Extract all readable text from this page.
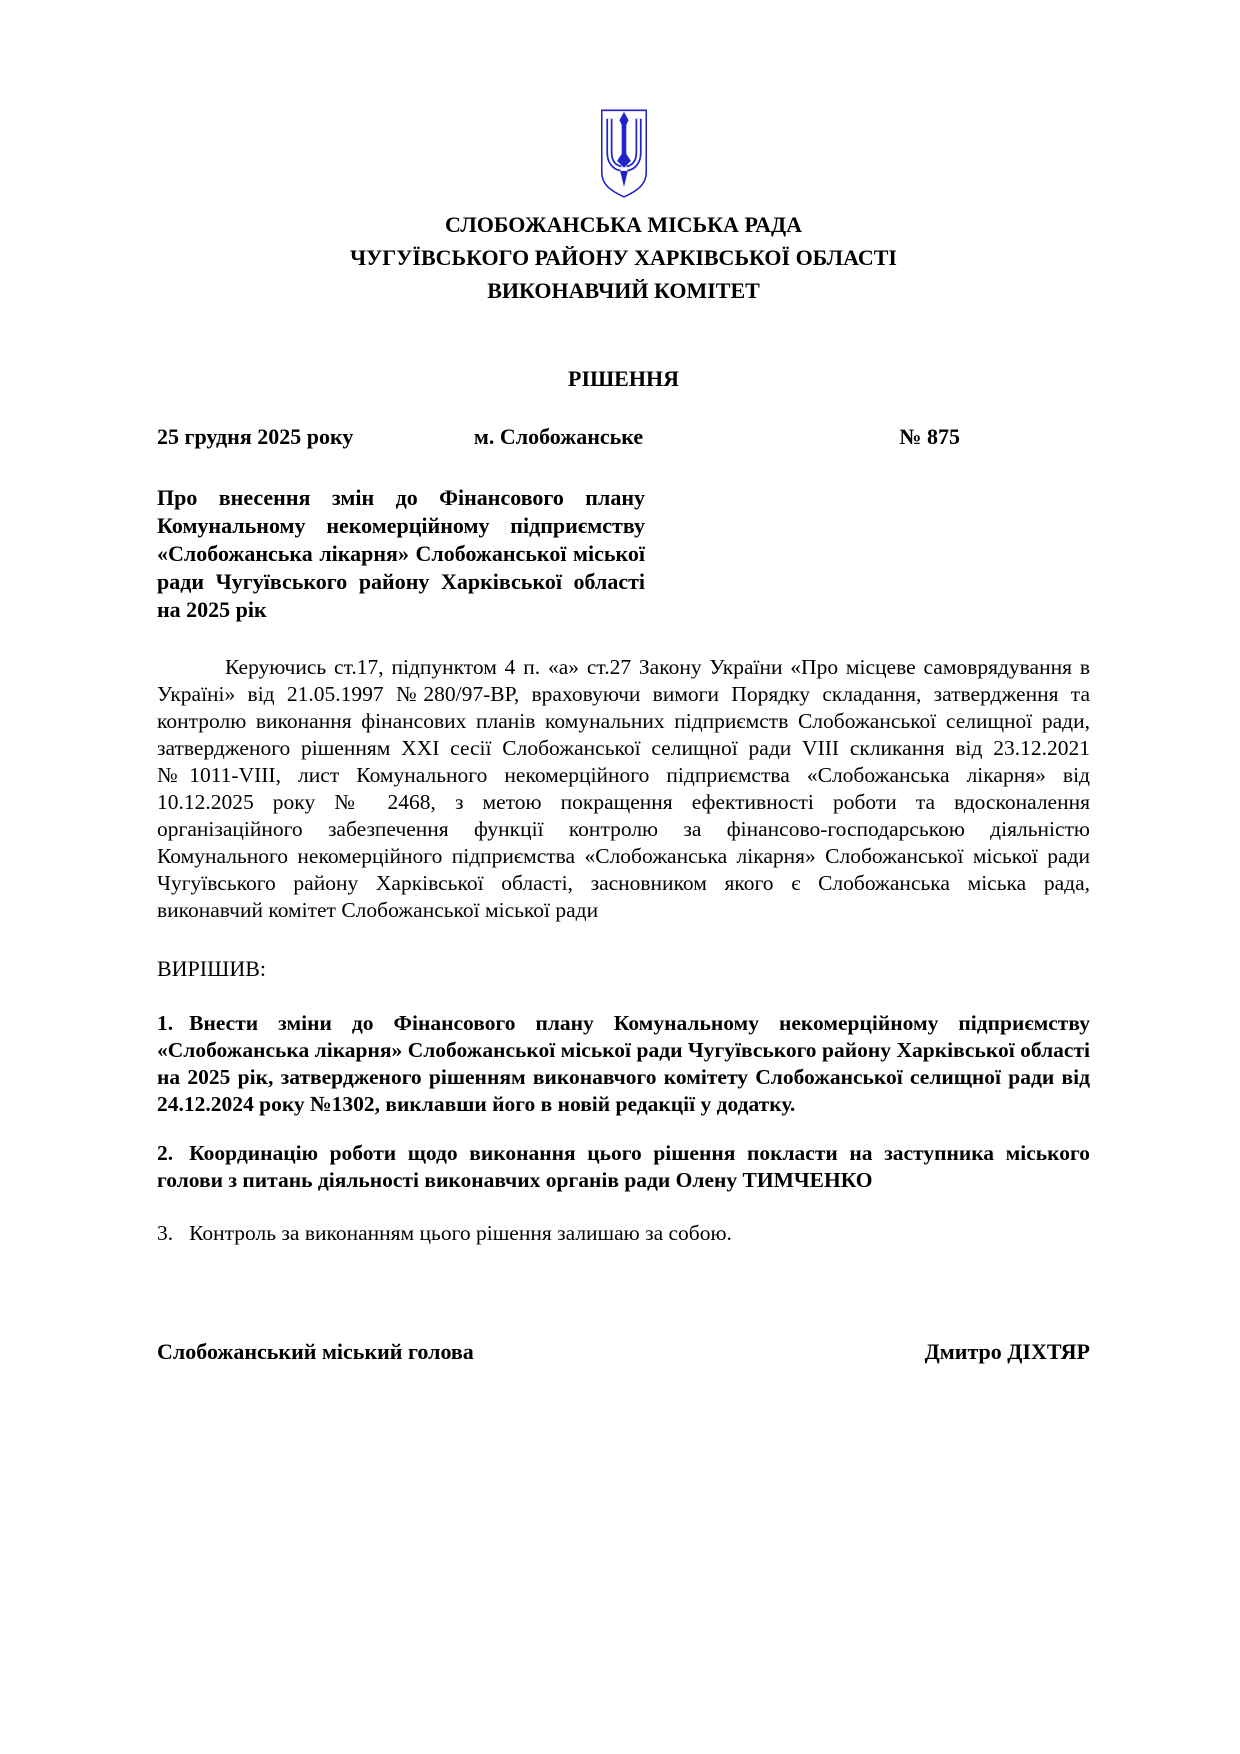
СЛОБОЖАНСЬКА МІСЬКА РАДА
ЧУГУЇВСЬКОГО РАЙОНУ ХАРКІВСЬКОЇ ОБЛАСТІ
ВИКОНАВЧИЙ КОМІТЕТ
РІШЕННЯ
25 грудня 2025 року	м. Слобожанське	№ 875
Про внесення змін до Фінансового плану Комунальному некомерційному підприємству «Слобожанська лікарня» Слобожанської міської ради Чугуївського району Харківської області на 2025 рік
Керуючись ст.17, підпунктом 4 п. «а» ст.27 Закону України «Про місцеве самоврядування в Україні» від 21.05.1997 №280/97-ВР, враховуючи вимоги Порядку складання, затвердження та контролю виконання фінансових планів комунальних підприємств Слобожанської селищної ради, затвердженого рішенням XXI сесії Слобожанської селищної ради VIII скликання від 23.12.2021 №1011-VIII, лист Комунального некомерційного підприємства «Слобожанська лікарня» від 10.12.2025 року № 2468, з метою покращення ефективності роботи та вдосконалення організаційного забезпечення функції контролю за фінансово-господарською діяльністю Комунального некомерційного підприємства «Слобожанська лікарня» Слобожанської міської ради Чугуївського району Харківської області, засновником якого є Слобожанська міська рада, виконавчий комітет Слобожанської міської ради
ВИРІШИВ:

1. Внести зміни до Фінансового плану Комунальному некомерційному підприємству «Слобожанська лікарня» Слобожанської міської ради Чугуївського району Харківської області на 2025 рік, затвердженого рішенням виконавчого комітету Слобожанської селищної ради від 24.12.2024 року №1302, виклавши його в новій редакції у додатку.

2. Координацію роботи щодо виконання цього рішення покласти на заступника міського голови з питань діяльності виконавчих органів ради Олену ТИМЧЕНКО

3. Контроль за виконанням цього рішення залишаю за собою.

Слобожанський міський голова	Дмитро ДІХТЯР
